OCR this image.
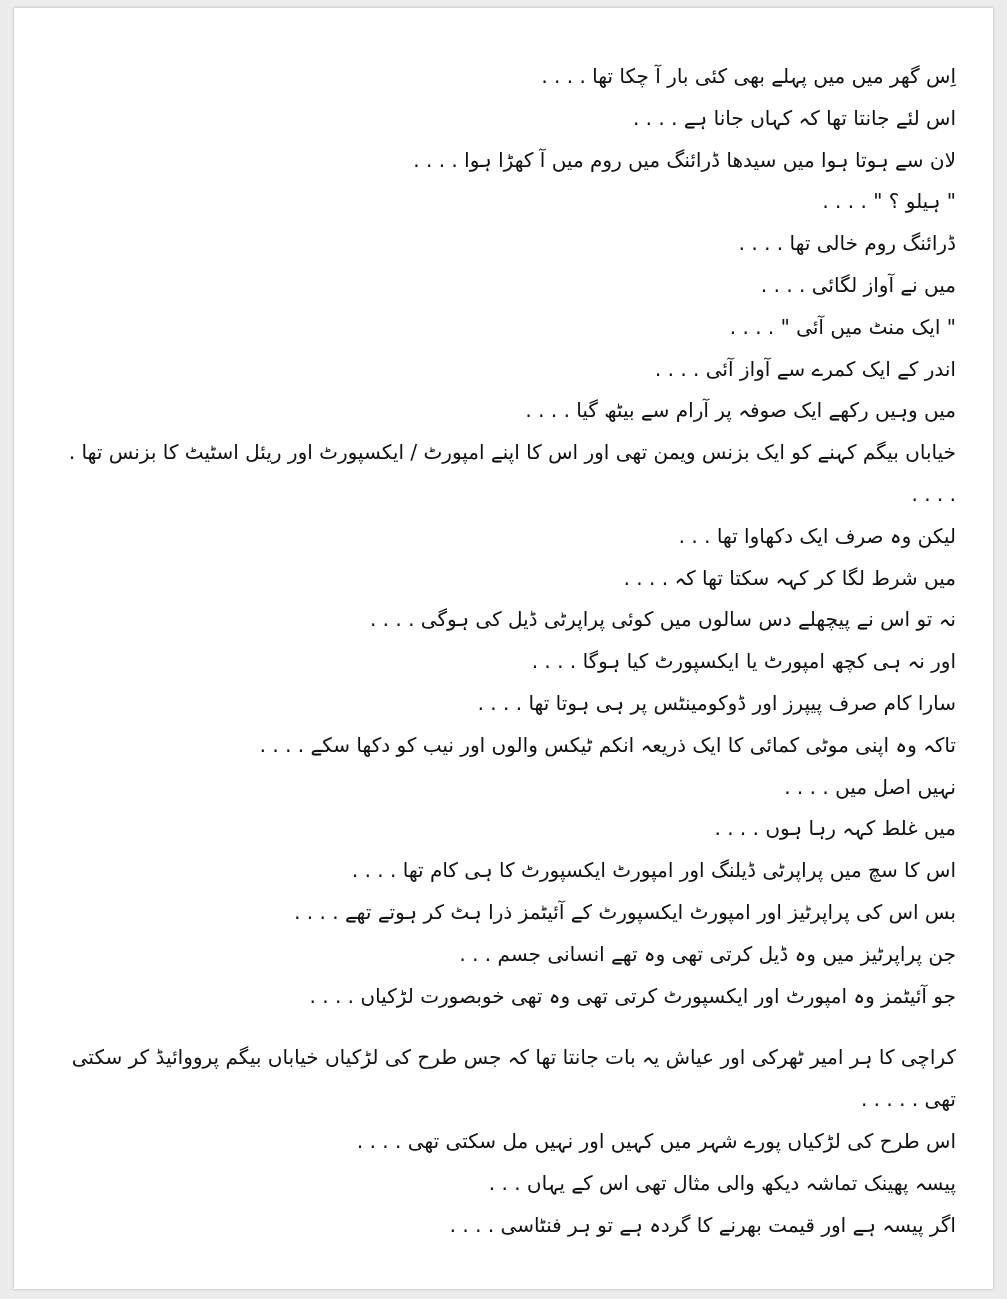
اِس گھر میں میں پہلے بھی کئی بار آ چکا تھا . . . .

اس لئے جانتا تھا کہ کہاں جانا ہے . . . .

لان سے ہوتا ہوا میں سیدھا ڈرائنگ میں روم میں آ کھڑا ہوا . . . .

" ہیلو ؟ " . . . .

ڈرائنگ روم خالی تھا . . . .

میں نے آواز لگائی . . . .

" ایک منٹ میں آئی " . . . .

اندر کے ایک کمرے سے آواز آئی . . . .

میں وہیں رکھے ایک صوفہ پر آرام سے بیٹھ گیا . . . .

خیاباں بیگم کہنے کو ایک بزنس ویمن تھی اور اس کا اپنے امپورٹ / ایکسپورٹ اور ریئل اسٹیٹ کا بزنس تھا . . . . .

لیکن وہ صرف ایک دکھاوا تھا . . .

میں شرط لگا کر کہہ سکتا تھا کہ . . . .

نہ تو اس نے پیچھلے دس سالوں میں کوئی پراپرٹی ڈیل کی ہوگی . . . .

اور نہ ہی کچھ امپورٹ یا ایکسپورٹ کیا ہوگا . . . .

سارا کام صرف پیپرز اور ڈوکومینٹس پر ہی ہوتا تھا . . . .

تاکہ وہ اپنی موٹی کمائی کا ایک ذریعہ انکم ٹیکس والوں اور نیب کو دکھا سکے . . . .

نہیں اصل میں . . . .

میں غلط کہہ رہا ہوں . . . .

اس کا سچ میں پراپرٹی ڈیلنگ اور امپورٹ ایکسپورٹ کا ہی کام تھا . . . .

بس اس کی پراپرٹیز اور امپورٹ ایکسپورٹ کے آئیٹمز ذرا ہٹ کر ہوتے تھے . . . .

جن پراپرٹیز میں وہ ڈیل کرتی تھی وہ تھے انسانی جسم . . .

جو آئیٹمز وہ امپورٹ اور ایکسپورٹ کرتی تھی وہ تھی خوبصورت لڑکیاں . . . .

کراچی کا ہر امیر ٹھرکی اور عیاش یہ بات جانتا تھا کہ جس طرح کی لڑکیاں خیاباں بیگم پرووائیڈ کر سکتی تھی . . . . .

اس طرح کی لڑکیاں پورے شہر میں کہیں اور نہیں مل سکتی تھی . . . .

پیسہ پھینک تماشہ دیکھ والی مثال تھی اس کے یہاں . . .

اگر پیسہ ہے اور قیمت بھرنے کا گردہ ہے تو ہر فنٹاسی . . . .
